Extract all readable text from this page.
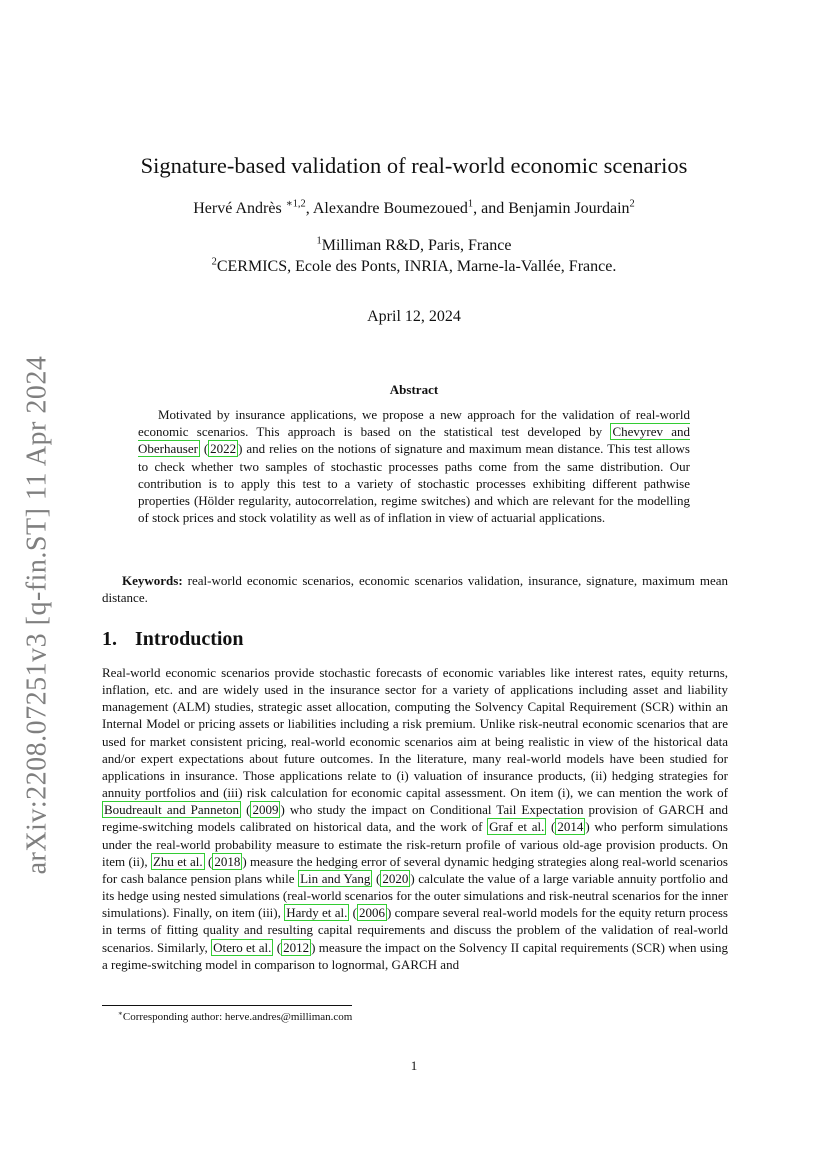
arXiv:2208.07251v3 [q-fin.ST] 11 Apr 2024
Signature-based validation of real-world economic scenarios
Hervé Andrès $^{∗1,2}$, Alexandre Boumezoued$^1$, and Benjamin Jourdain$^2$
$^1$Milliman R&D, Paris, France
$^2$CERMICS, Ecole des Ponts, INRIA, Marne-la-Vallée, France.
April 12, 2024
Abstract

Motivated by insurance applications, we propose a new approach for the validation of real-world economic scenarios. This approach is based on the statistical test developed by Chevyrev and Oberhauser ( 2022 ) and relies on the notions of signature and maximum mean distance. This test allows to check whether two samples of stochastic processes paths come from the same distribution. Our contribution is to apply this test to a variety of stochastic processes exhibiting different pathwise properties (Hölder regularity, autocorrelation, regime switches) and which are relevant for the modelling of stock prices and stock volatility as well as of inflation in view of actuarial applications.

Keywords: real-world economic scenarios, economic scenarios validation, insurance, signature, maximum mean distance.

1. Introduction

Real-world economic scenarios provide stochastic forecasts of economic variables like interest rates, equity returns, inflation, etc. and are widely used in the insurance sector for a variety of applications including asset and liability management (ALM) studies, strategic asset allocation, computing the Solvency Capital Requirement (SCR) within an Internal Model or pricing assets or liabilities including a risk premium. Unlike risk-neutral economic scenarios that are used for market consistent pricing, real-world economic scenarios aim at being realistic in view of the historical data and/or expert expectations about future outcomes. In the literature, many real-world models have been studied for applications in insurance. Those applications relate to (i) valuation of insurance products, (ii) hedging strategies for annuity portfolios and (iii) risk calculation for economic capital assessment. On item (i), we can mention the work of Boudreault and Panneton ( 2009 ) who study the impact on Conditional Tail Expectation provision of GARCH and regime-switching models calibrated on historical data, and the work of Graf et al. ( 2014 ) who perform simulations under the real-world probability measure to estimate the risk-return profile of various old-age provision products. On item (ii), Zhu et al. ( 2018 ) measure the hedging error of several dynamic hedging strategies along real-world scenarios for cash balance pension plans while Lin and Yang ( 2020 ) calculate the value of a large variable annuity portfolio and its hedge using nested simulations (real-world scenarios for the outer simulations and risk-neutral scenarios for the inner simulations). Finally, on item (iii), Hardy et al. ( 2006 ) compare several real-world models for the equity return process in terms of fitting quality and resulting capital requirements and discuss the problem of the validation of real-world scenarios. Similarly, Otero et al. ( 2012 ) measure the impact on the Solvency II capital requirements (SCR) when using a regime-switching model in comparison to lognormal, GARCH and

∗Corresponding author: herve.andres@milliman.com

1
